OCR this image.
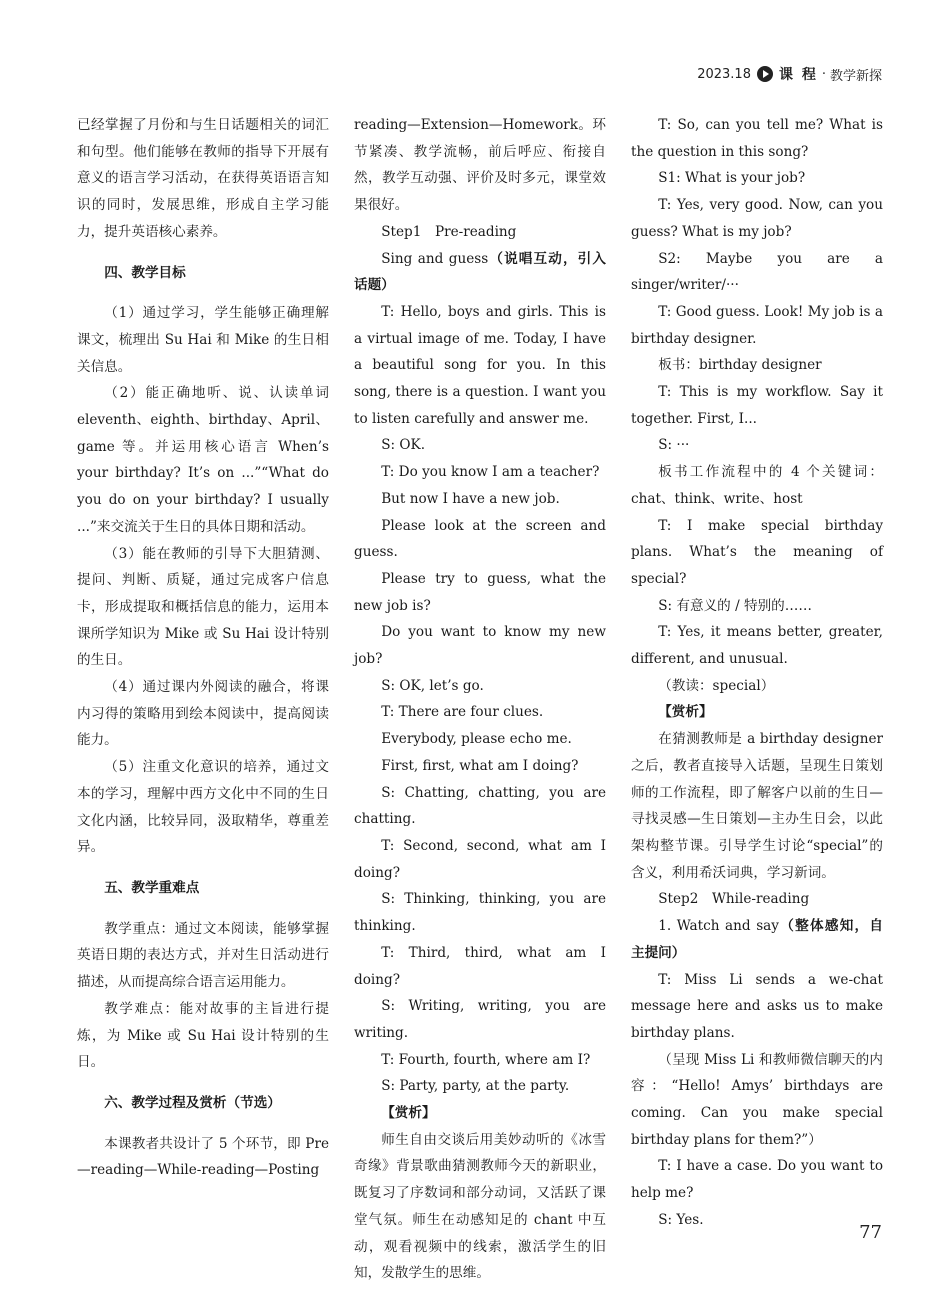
2023.18 课 程 · 教学新探

已经掌握了月份和与生日话题相关的词汇和句型。他们能够在教师的指导下开展有意义的语言学习活动，在获得英语语言知识的同时，发展思维，形成自主学习能力，提升英语核心素养。

四、教学目标

（1）通过学习，学生能够正确理解课文，梳理出 Su Hai 和 Mike 的生日相关信息。

（2）能正确地听、说、认读单词 eleventh、eighth、birthday、April、game 等。并运用核心语言 When’s your birthday? It’s on ...”“What do you do on your birthday? I usually ...”来交流关于生日的具体日期和活动。

（3）能在教师的引导下大胆猜测、提问、判断、质疑，通过完成客户信息卡，形成提取和概括信息的能力，运用本课所学知识为 Mike 或 Su Hai 设计特别的生日。

（4）通过课内外阅读的融合，将课内习得的策略用到绘本阅读中，提高阅读能力。

（5）注重文化意识的培养，通过文本的学习，理解中西方文化中不同的生日文化内涵，比较异同，汲取精华，尊重差异。

五、教学重难点

教学重点：通过文本阅读，能够掌握英语日期的表达方式，并对生日活动进行描述，从而提高综合语言运用能力。

教学难点：能对故事的主旨进行提炼，为 Mike 或 Su Hai 设计特别的生日。

六、教学过程及赏析（节选）

本课教者共设计了 5 个环节，即 Pre—reading—While-reading—Posting

reading—Extension—Homework。环节紧凑、教学流畅，前后呼应、衔接自然，教学互动强、评价及时多元，课堂效果很好。

Step1　Pre-reading

Sing and guess（说唱互动，引入话题）

T: Hello, boys and girls. This is a virtual image of me. Today, I have a beautiful song for you. In this song, there is a question. I want you to listen carefully and answer me.

S: OK.

T: Do you know I am a teacher?

But now I have a new job.

Please look at the screen and guess.

Please try to guess, what the new job is?

Do you want to know my new job?

S: OK, let’s go.

T: There are four clues.

Everybody, please echo me.

First, first, what am I doing?

S: Chatting, chatting, you are chatting.

T: Second, second, what am I doing?

S: Thinking, thinking, you are thinking.

T: Third, third, what am I doing?

S: Writing, writing, you are writing.

T: Fourth, fourth, where am I?

S: Party, party, at the party.

【赏析】

师生自由交谈后用美妙动听的《冰雪奇缘》背景歌曲猜测教师今天的新职业，既复习了序数词和部分动词，又活跃了课堂气氛。师生在动感知足的 chant 中互动，观看视频中的线索，激活学生的旧知，发散学生的思维。

T: So, can you tell me? What is the question in this song?

S1: What is your job?

T: Yes, very good. Now, can you guess? What is my job?

S2: Maybe you are a singer/writer/···

T: Good guess. Look! My job is a birthday designer.

板书：birthday designer

T: This is my workflow. Say it together. First, I...

S: ···

板书工作流程中的 4 个关键词：chat、think、write、host

T: I make special birthday plans. What’s the meaning of special?

S: 有意义的 / 特别的……

T: Yes, it means better, greater, different, and unusual.

（教读：special）

【赏析】

在猜测教师是 a birthday designer 之后，教者直接导入话题，呈现生日策划师的工作流程，即了解客户以前的生日—寻找灵感—生日策划—主办生日会，以此架构整节课。引导学生讨论“special”的含义，利用希沃词典，学习新词。

Step2　While-reading

1. Watch and say（整体感知，自主提问）

T: Miss Li sends a we-chat message here and asks us to make birthday plans.

（呈现 Miss Li 和教师微信聊天的内 容：“Hello! Amys’ birthdays are coming. Can you make special birthday plans for them?”）

T: I have a case. Do you want to help me?

S: Yes.

77
